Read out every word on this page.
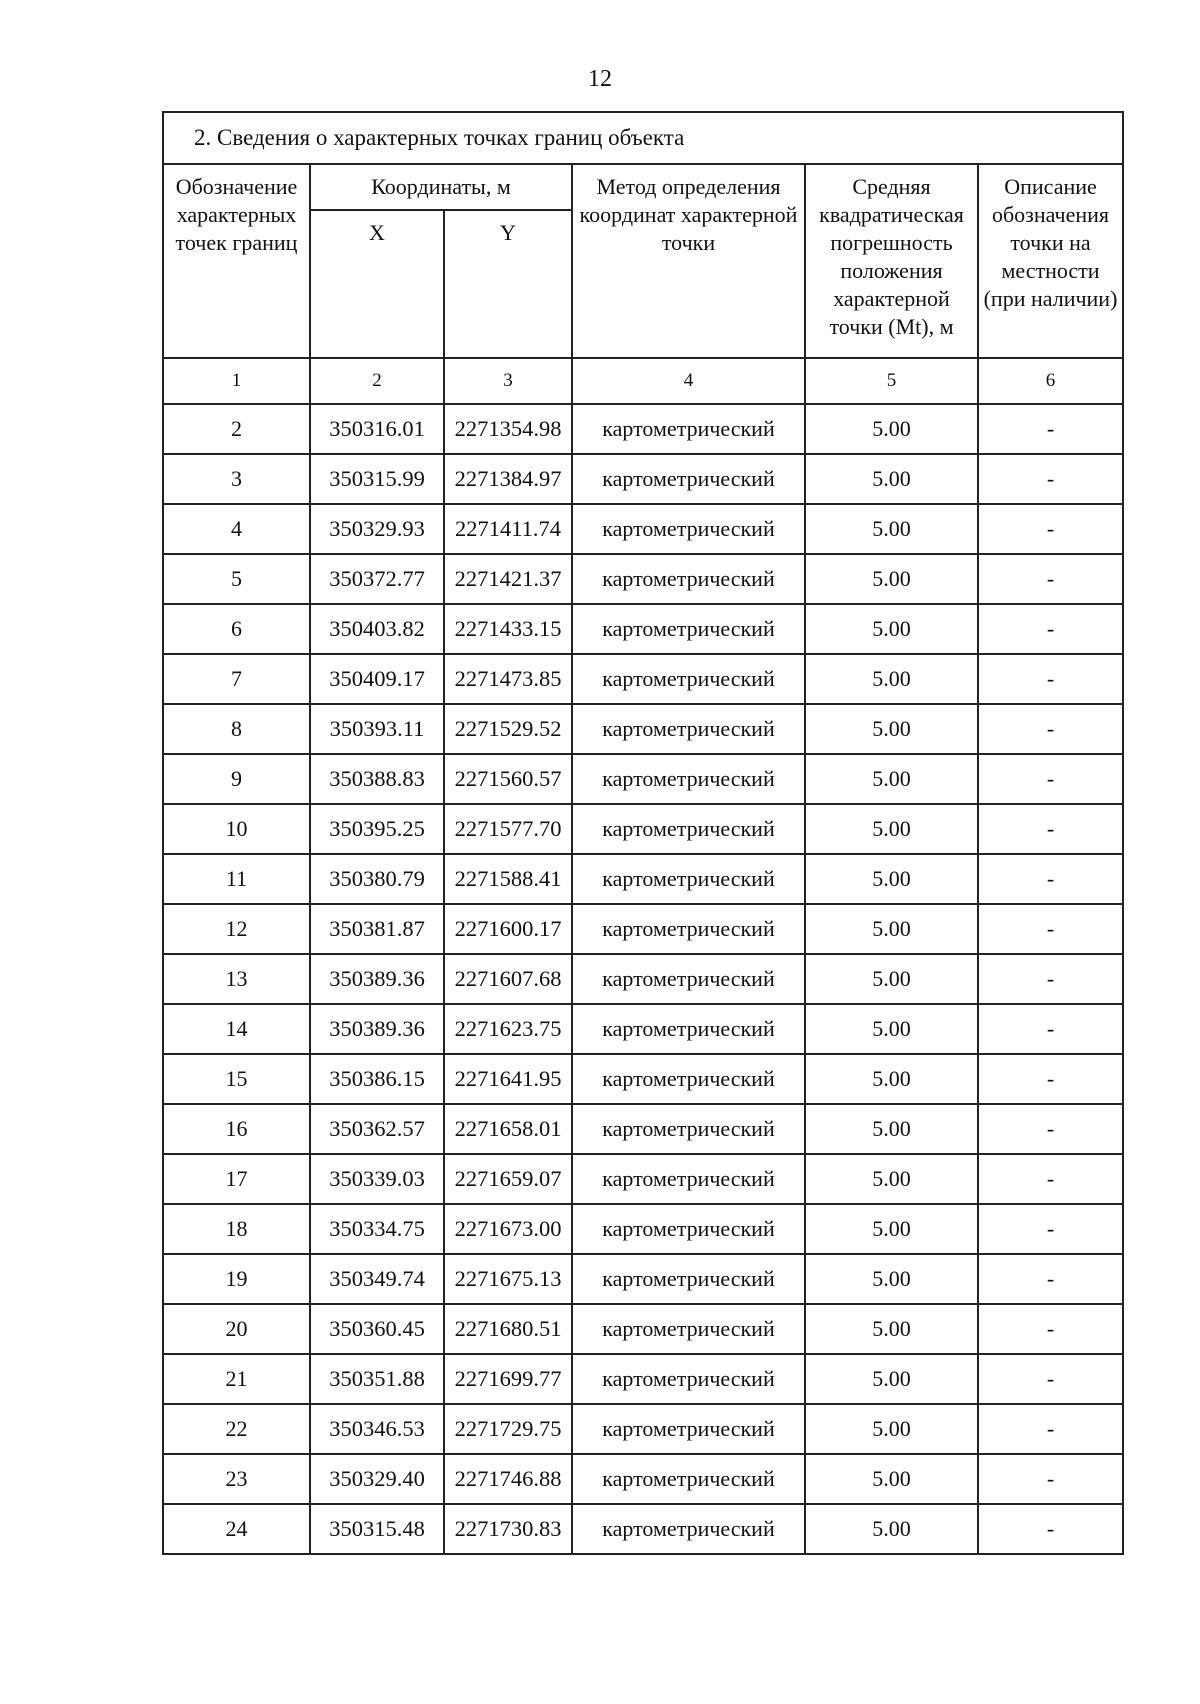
12
2. Сведения о характерных точках границ объекта					
Обозначение характерных точек границ	Координаты, м		Метод определения координат характерной точки	Средняя квадратическая погрешность положения характерной точки (Mt), м	Описание обозначения точки на местности (при наличии)
	X	Y			
1	2	3	4	5	6
2	350316.01	2271354.98	картометрический	5.00	-
3	350315.99	2271384.97	картометрический	5.00	-
4	350329.93	2271411.74	картометрический	5.00	-
5	350372.77	2271421.37	картометрический	5.00	-
6	350403.82	2271433.15	картометрический	5.00	-
7	350409.17	2271473.85	картометрический	5.00	-
8	350393.11	2271529.52	картометрический	5.00	-
9	350388.83	2271560.57	картометрический	5.00	-
10	350395.25	2271577.70	картометрический	5.00	-
11	350380.79	2271588.41	картометрический	5.00	-
12	350381.87	2271600.17	картометрический	5.00	-
13	350389.36	2271607.68	картометрический	5.00	-
14	350389.36	2271623.75	картометрический	5.00	-
15	350386.15	2271641.95	картометрический	5.00	-
16	350362.57	2271658.01	картометрический	5.00	-
17	350339.03	2271659.07	картометрический	5.00	-
18	350334.75	2271673.00	картометрический	5.00	-
19	350349.74	2271675.13	картометрический	5.00	-
20	350360.45	2271680.51	картометрический	5.00	-
21	350351.88	2271699.77	картометрический	5.00	-
22	350346.53	2271729.75	картометрический	5.00	-
23	350329.40	2271746.88	картометрический	5.00	-
24	350315.48	2271730.83	картометрический	5.00	-
